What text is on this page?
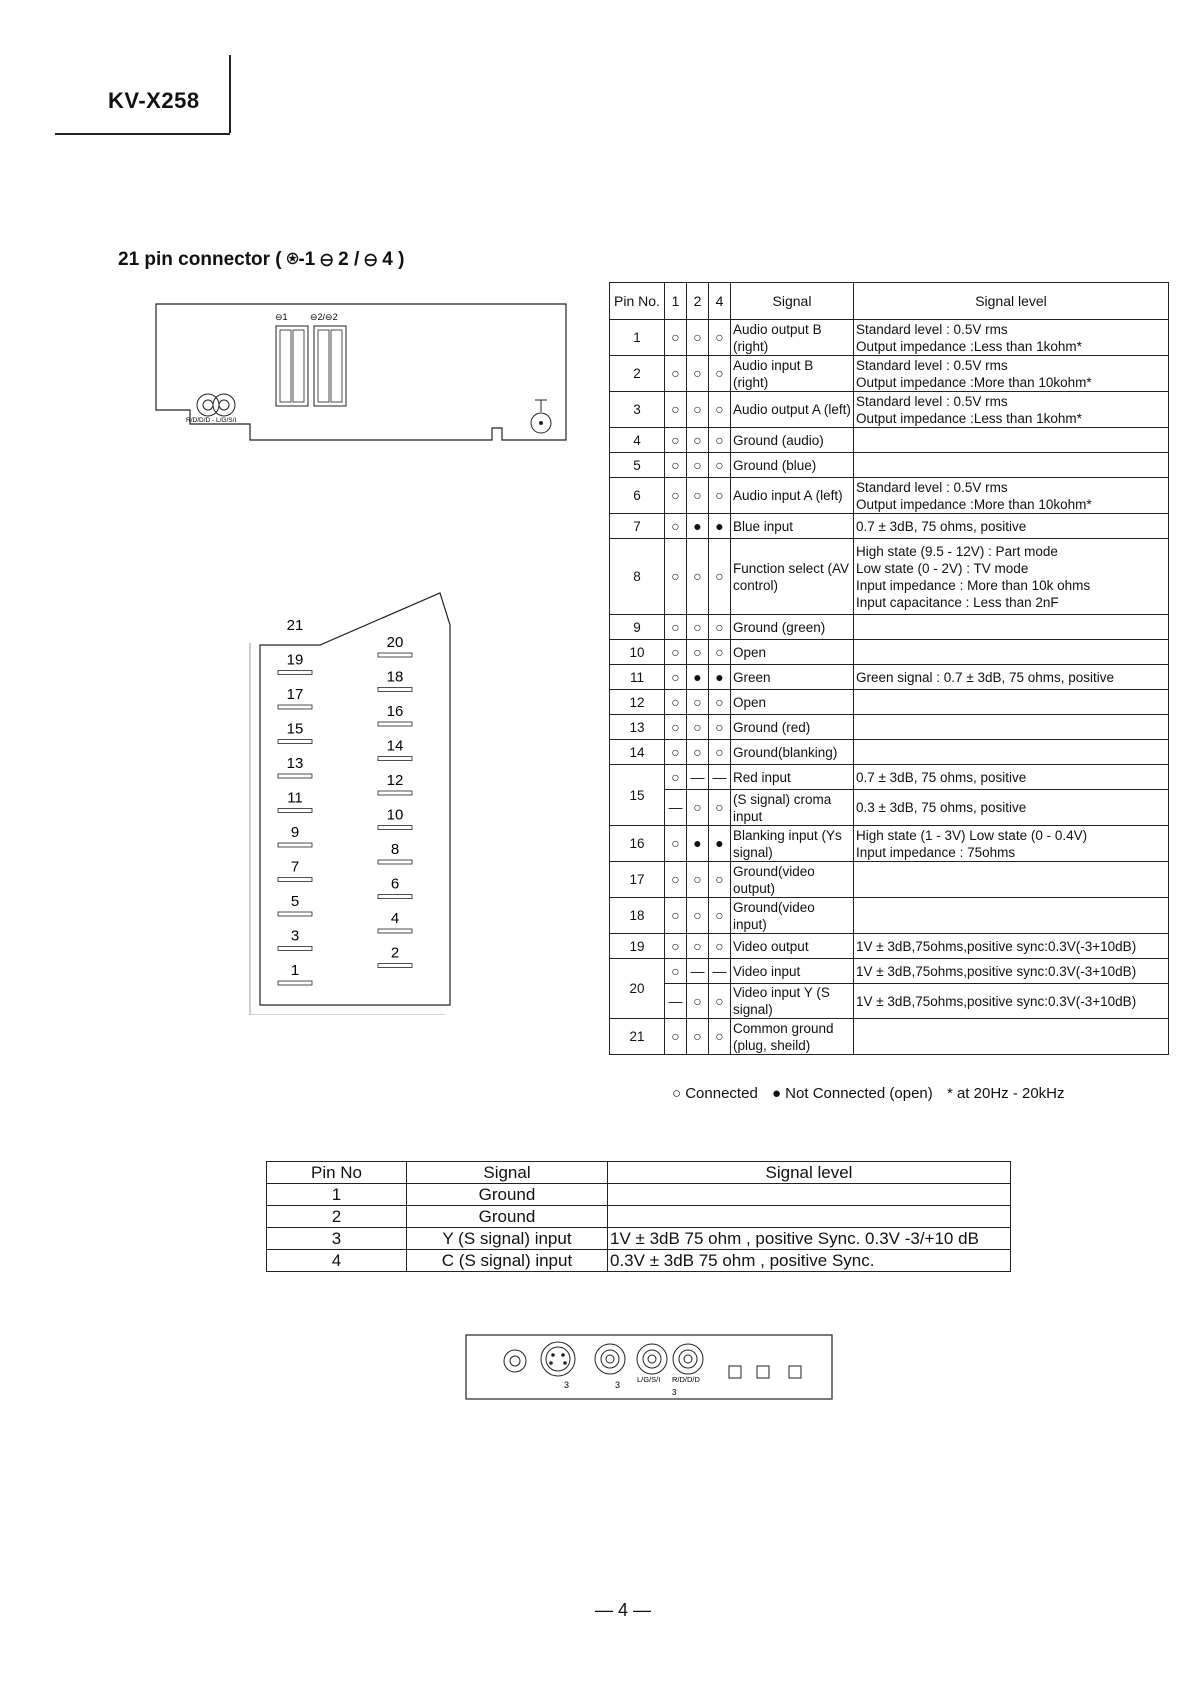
KV-X258
21 pin connector ( ⍟-1 ⊖ 2 / ⊖ 4 )
⊖1 ⊖2/⊖2
R/D/D/D - L/G/S/I
21
19
17
15
13
11
9
7
5
3
1
20
18
16
14
12
10
8
6
4
2
Pin No.	1	2	4	Signal	Signal level
1	○	○	○	Audio output B (right)	Standard level : 0.5V rms
Output impedance :Less than 1kohm*
2	○	○	○	Audio input B (right)	Standard level : 0.5V rms
Output impedance :More than 10kohm*
3	○	○	○	Audio output A (left)	Standard level : 0.5V rms
Output impedance :Less than 1kohm*
4	○	○	○	Ground (audio)	
5	○	○	○	Ground (blue)	
6	○	○	○	Audio input A (left)	Standard level : 0.5V rms
Output impedance :More than 10kohm*
7	○	●	●	Blue input	0.7 ± 3dB, 75 ohms, positive
8	○	○	○	Function select (AV control)	High state (9.5 - 12V) : Part mode
Low state (0 - 2V) : TV mode
Input impedance : More than 10k ohms
Input capacitance : Less than 2nF
9	○	○	○	Ground (green)	
10	○	○	○	Open	
11	○	●	●	Green	Green signal : 0.7 ± 3dB, 75 ohms, positive
12	○	○	○	Open	
13	○	○	○	Ground (red)	
14	○	○	○	Ground(blanking)	
15	○	—	—	Red input	0.7 ± 3dB, 75 ohms, positive
	—	○	○	(S signal) croma input	0.3 ± 3dB, 75 ohms, positive
16	○	●	●	Blanking input (Ys signal)	High state (1 - 3V) Low state (0 - 0.4V)
Input impedance : 75ohms
17	○	○	○	Ground(video output)	
18	○	○	○	Ground(video input)	
19	○	○	○	Video output	1V ± 3dB,75ohms,positive sync:0.3V(-3+10dB)
20	○	—	—	Video input	1V ± 3dB,75ohms,positive sync:0.3V(-3+10dB)
	—	○	○	Video input Y (S signal)	1V ± 3dB,75ohms,positive sync:0.3V(-3+10dB)
21	○	○	○	Common ground (plug, sheild)	
○ Connected ● Not Connected (open) * at 20Hz - 20kHz
Pin No	Signal	Signal level
1	Ground	
2	Ground	
3	Y (S signal) input	1V ± 3dB 75 ohm , positive Sync. 0.3V -3/+10 dB
4	C (S signal) input	0.3V ± 3dB 75 ohm , positive Sync.
3	3
L/G/S/I R/D/D/D
3
— 4 —
